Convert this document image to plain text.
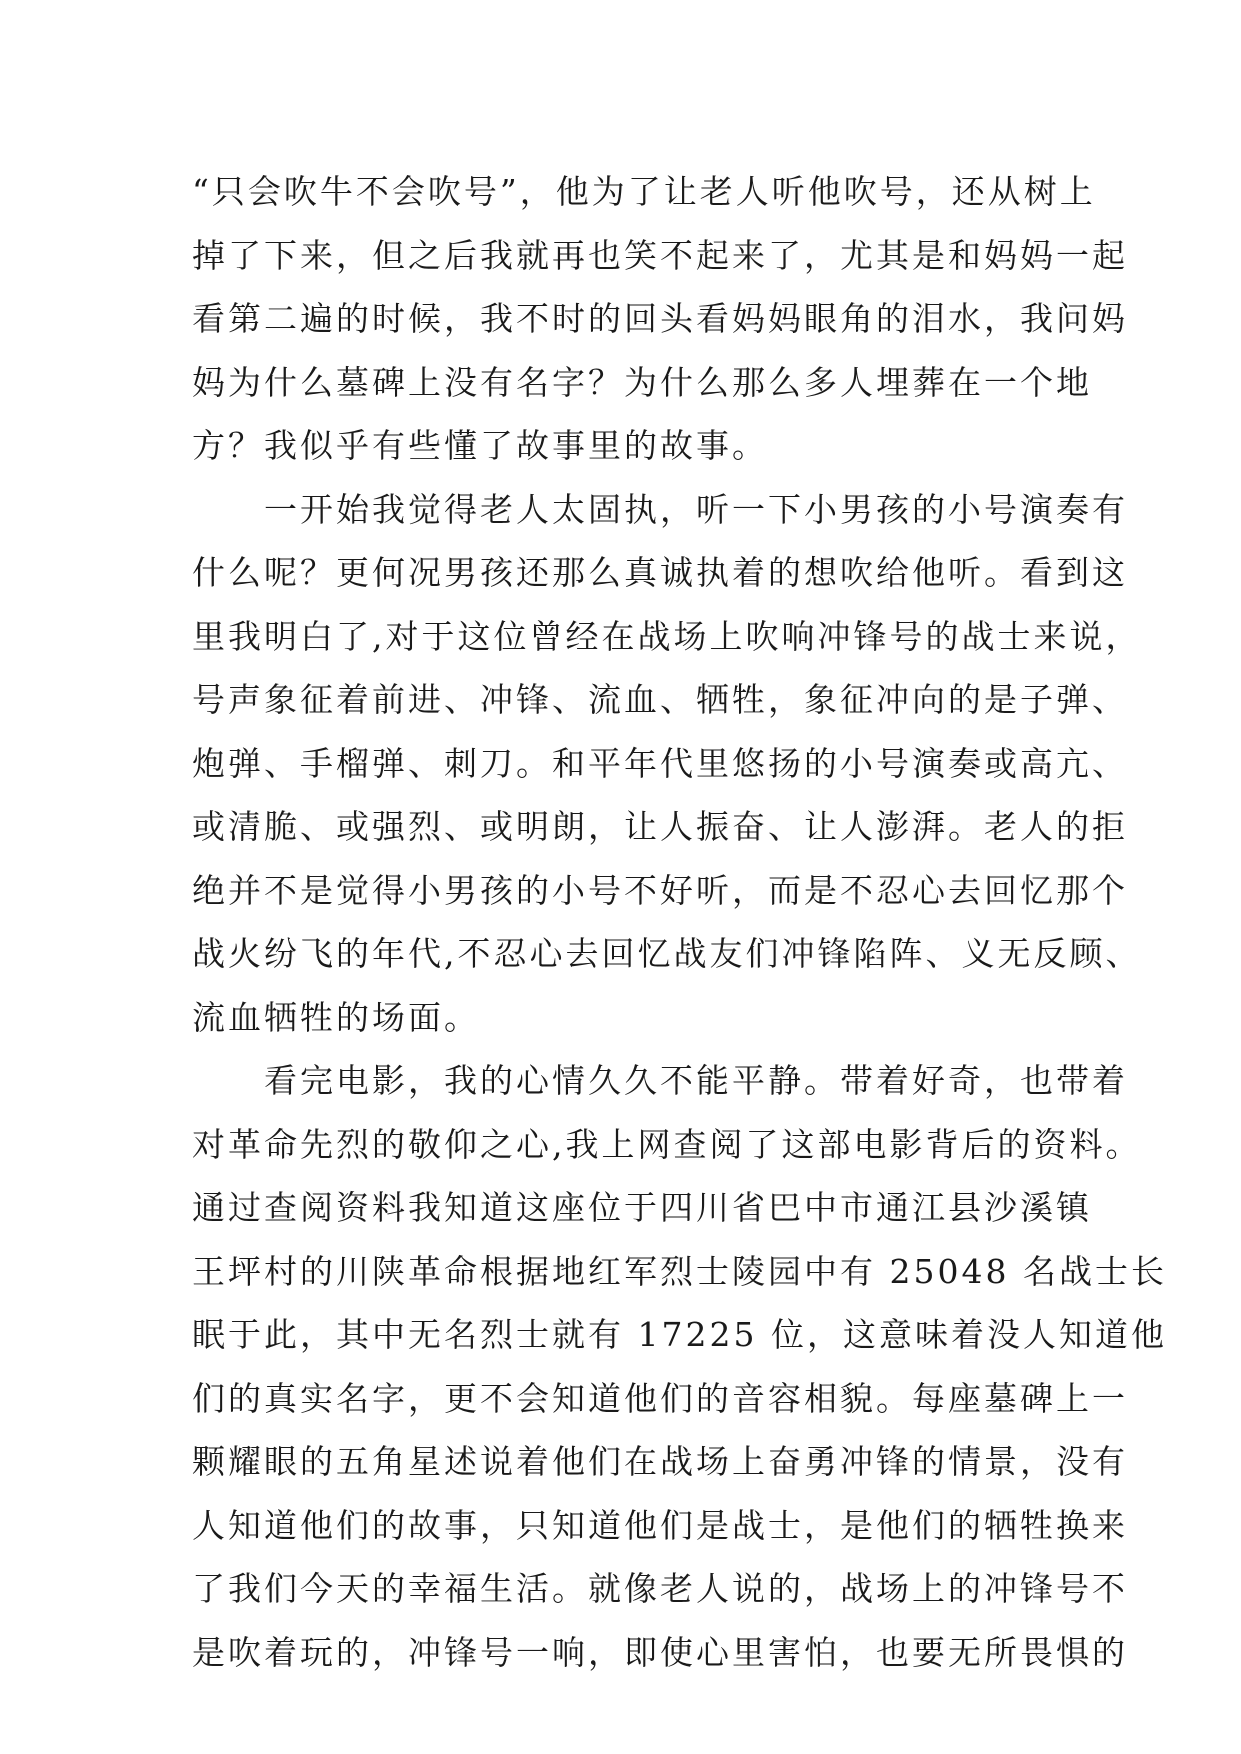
“只会吹牛不会吹号”，他为了让老人听他吹号，还从树上
掉了下来，但之后我就再也笑不起来了，尤其是和妈妈一起
看第二遍的时候，我不时的回头看妈妈眼角的泪水，我问妈
妈为什么墓碑上没有名字？为什么那么多人埋葬在一个地
方？我似乎有些懂了故事里的故事。
　　一开始我觉得老人太固执，听一下小男孩的小号演奏有
什么呢？更何况男孩还那么真诚执着的想吹给他听。看到这
里我明白了,对于这位曾经在战场上吹响冲锋号的战士来说，
号声象征着前进、冲锋、流血、牺牲，象征冲向的是子弹、
炮弹、手榴弹、刺刀。和平年代里悠扬的小号演奏或高亢、
或清脆、或强烈、或明朗，让人振奋、让人澎湃。老人的拒
绝并不是觉得小男孩的小号不好听，而是不忍心去回忆那个
战火纷飞的年代,不忍心去回忆战友们冲锋陷阵、义无反顾、
流血牺牲的场面。
　　看完电影，我的心情久久不能平静。带着好奇，也带着
对革命先烈的敬仰之心,我上网查阅了这部电影背后的资料。
通过查阅资料我知道这座位于四川省巴中市通江县沙溪镇
王坪村的川陕革命根据地红军烈士陵园中有 25048 名战士长
眠于此，其中无名烈士就有 17225 位，这意味着没人知道他
们的真实名字，更不会知道他们的音容相貌。每座墓碑上一
颗耀眼的五角星述说着他们在战场上奋勇冲锋的情景，没有
人知道他们的故事，只知道他们是战士，是他们的牺牲换来
了我们今天的幸福生活。就像老人说的，战场上的冲锋号不
是吹着玩的，冲锋号一响，即使心里害怕，也要无所畏惧的
